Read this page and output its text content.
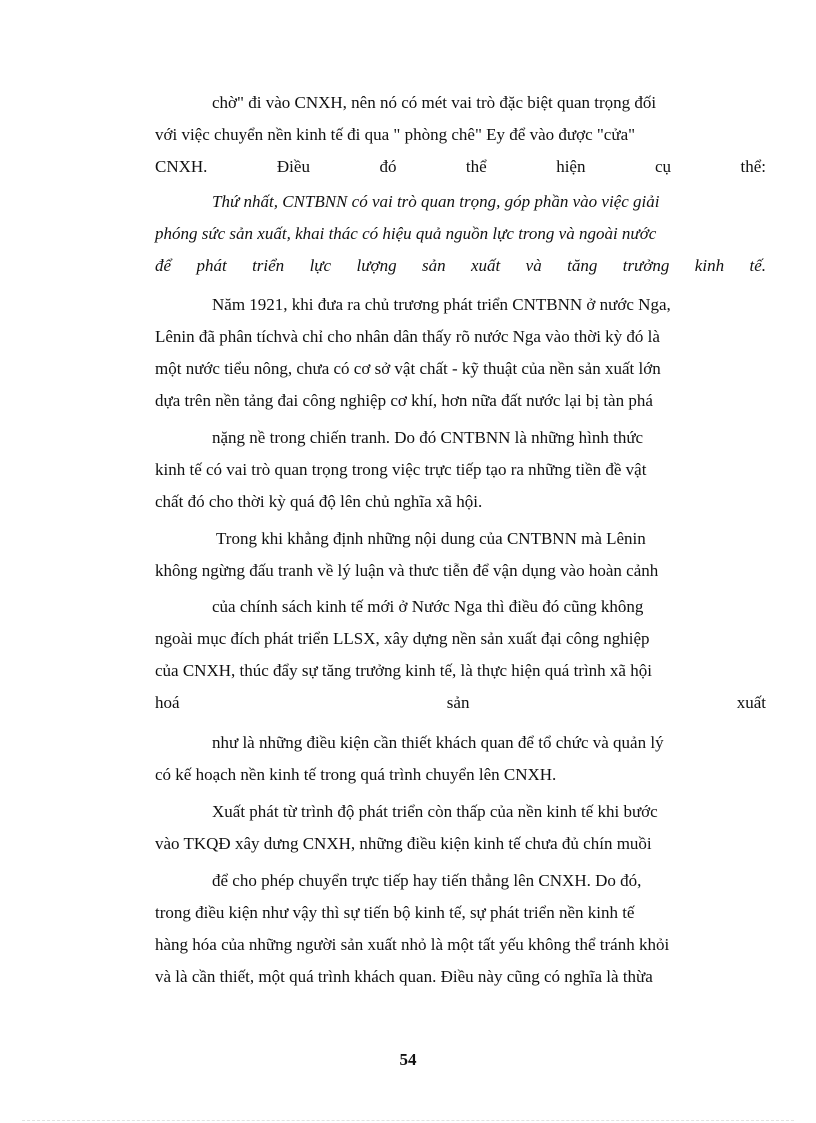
chờ" đi vào CNXH, nên nó có mét vai trò đặc biệt quan trọng đối

với việc chuyển nền kinh tế đi qua " phòng chê" Ey để vào được "cửa"

CNXH.	Điều	đó	thể	hiện	cụ	thể:

Thứ nhất, CNTBNN có vai trò quan trọng, góp phần vào việc giải

phóng sức sản xuất, khai thác có hiệu quả nguồn lực trong và ngoài nước

để phát triển lực lượng sản xuất và tăng trưởng kinh tế.

Năm 1921, khi đưa ra chủ trương phát triển CNTBNN ở nước Nga,

Lênin đã phân tíchvà chỉ cho nhân dân thấy rõ nước Nga vào thời kỳ đó là

một nước tiểu nông, chưa có cơ sở vật chất - kỹ thuật của nền sản xuất lớn

dựa trên nền tảng đai công nghiệp cơ khí, hơn nữa đất nước lại bị tàn phá

nặng nề trong chiến tranh. Do đó CNTBNN là những hình thức

kinh tế có vai trò quan trọng trong việc trực tiếp tạo ra những tiền đề vật

chất đó cho thời kỳ quá độ lên chủ nghĩa xã hội.

Trong khi khẳng định những nội dung của CNTBNN mà Lênin

không ngừng đấu tranh về lý luận và thưc tiễn để vận dụng vào hoàn cảnh

của chính sách kinh tế mới ở Nước Nga thì điều đó cũng không

ngoài mục đích phát triển LLSX, xây dựng nền sản xuất đại công nghiệp

của CNXH, thúc đẩy sự tăng trưởng kinh tế, là thực hiện quá trình xã hội

hoá	sản	xuất

như là những điều kiện cần thiết khách quan để tổ chức và quản lý

có kế hoạch nền kinh tế trong quá trình chuyển lên CNXH.

Xuất phát từ trình độ phát triển còn thấp của nền kinh tế khi bước

vào TKQĐ xây dưng CNXH, những điều kiện kinh tế chưa đủ chín muồi

để cho phép chuyển trực tiếp hay tiến thẳng lên CNXH. Do đó,

trong điều kiện như vậy thì sự tiến bộ kinh tế, sự phát triển nền kinh tế

hàng hóa của những người sản xuất nhỏ là một tất yếu không thể tránh khỏi

và là cần thiết, một quá trình khách quan. Điều này cũng có nghĩa là thừa

54
